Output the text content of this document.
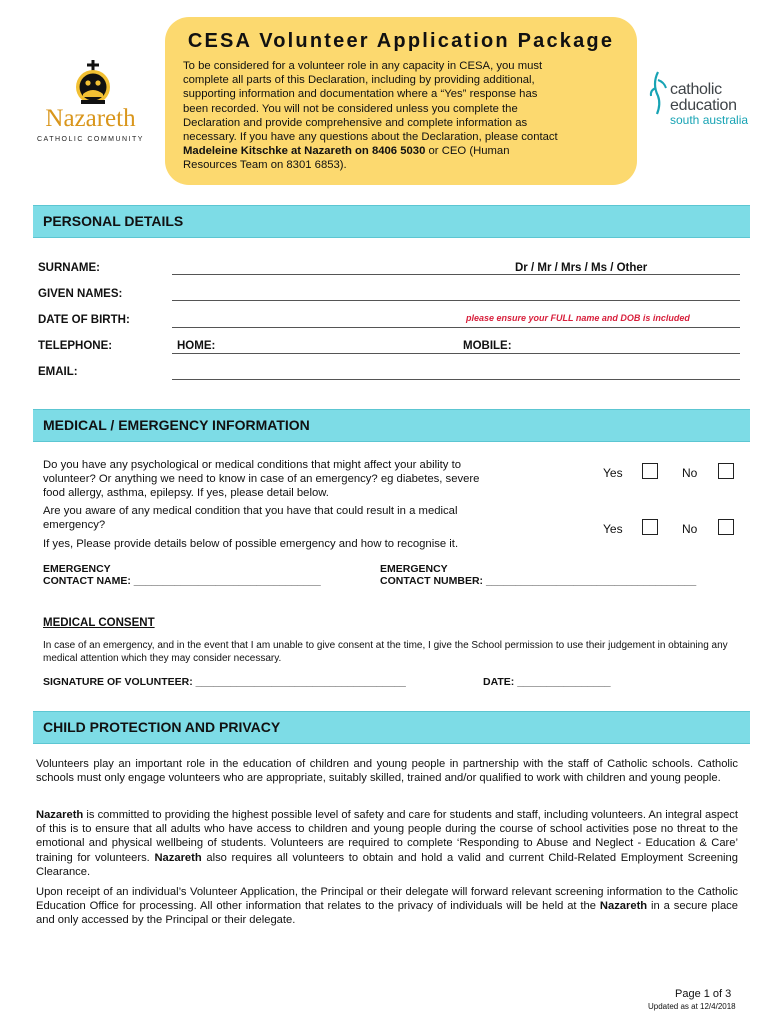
Nazareth
CATHOLIC COMMUNITY
catholic
education
south australia
CESA Volunteer Application Package
To be considered for a volunteer role in any capacity in CESA, you must
complete all parts of this Declaration, including by providing additional,
supporting information and documentation where a “Yes” response has
been recorded. You will not be considered unless you complete the
Declaration and provide comprehensive and complete information as
necessary. If you have any questions about the Declaration, please contact
Madeleine Kitschke at Nazareth on 8406 5030 or CEO (Human
Resources Team on 8301 6853).
PERSONAL DETAILS
SURNAME:	Dr / Mr / Mrs / Ms / Other
GIVEN NAMES:
DATE OF BIRTH:	please ensure your FULL name and DOB is included
TELEPHONE:	HOME:	MOBILE:
EMAIL:
MEDICAL / EMERGENCY INFORMATION
Do you have any psychological or medical conditions that might affect your ability to
volunteer? Or anything we need to know in case of an emergency? eg diabetes, severe
food allergy, asthma, epilepsy. If yes, please detail below.
Yes	No
Are you aware of any medical condition that you have that could result in a medical
emergency?	Yes	No
If yes, Please provide details below of possible emergency and how to recognise it.
EMERGENCY
CONTACT NAME: ________________________________
EMERGENCY
CONTACT NUMBER: ____________________________________
MEDICAL CONSENT
In case of an emergency, and in the event that I am unable to give consent at the time, I give the School permission to use their judgement in obtaining any medical attention which they may consider necessary.
SIGNATURE OF VOLUNTEER: ____________________________________	DATE: ________________
CHILD PROTECTION AND PRIVACY
Volunteers play an important role in the education of children and young people in partnership with the staff of Catholic schools. Catholic schools must only engage volunteers who are appropriate, suitably skilled, trained and/or qualified to work with children and young people.
Nazareth is committed to providing the highest possible level of safety and care for students and staff, including volunteers. An integral aspect of this is to ensure that all adults who have access to children and young people during the course of school activities pose no threat to the emotional and physical wellbeing of students. Volunteers are required to complete ‘Responding to Abuse and Neglect - Education & Care’ training for volunteers. Nazareth also requires all volunteers to obtain and hold a valid and current Child-Related Employment Screening Clearance.
Upon receipt of an individual’s Volunteer Application, the Principal or their delegate will forward relevant screening information to the Catholic Education Office for processing. All other information that relates to the privacy of individuals will be held at the Nazareth in a secure place and only accessed by the Principal or their delegate.
Page 1 of 3
Updated as at 12/4/2018
